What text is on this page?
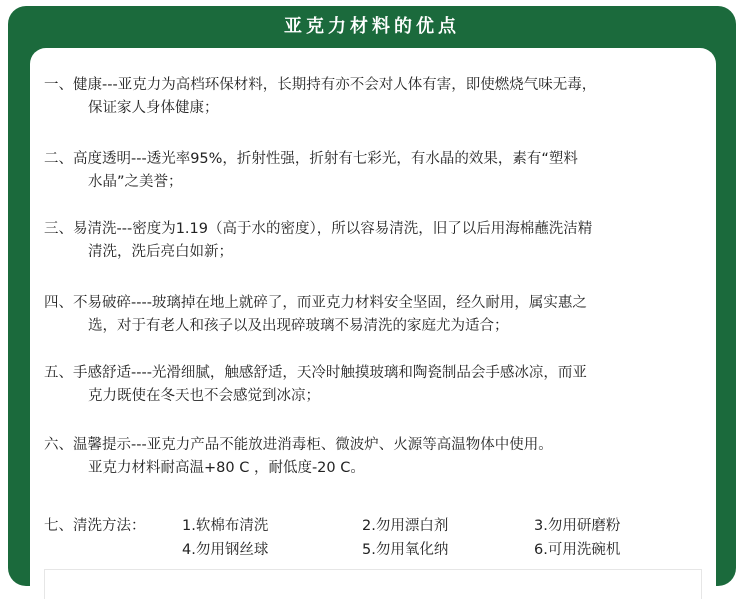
亚克力材料的优点
一、健康---亚克力为高档环保材料，长期持有亦不会对人体有害，即使燃烧气味无毒，
保证家人身体健康；
二、高度透明---透光率95%，折射性强，折射有七彩光，有水晶的效果，素有“塑料
水晶”之美誉；
三、易清洗---密度为1.19（高于水的密度），所以容易清洗，旧了以后用海棉蘸洗洁精
清洗，洗后亮白如新；
四、不易破碎----玻璃掉在地上就碎了，而亚克力材料安全坚固，经久耐用，属实惠之
选，对于有老人和孩子以及出现碎玻璃不易清洗的家庭尤为适合；
五、手感舒适----光滑细腻，触感舒适，天冷时触摸玻璃和陶瓷制品会手感冰凉，而亚
克力既使在冬天也不会感觉到冰凉；
六、温馨提示---亚克力产品不能放进消毒柜、微波炉、火源等高温物体中使用。
亚克力材料耐高温+80 C ，耐低度-20 C。
七、清洗方法：	1.软棉布清洗	2.勿用漂白剂	3.勿用研磨粉
4.勿用钢丝球	5.勿用氧化纳	6.可用洗碗机
